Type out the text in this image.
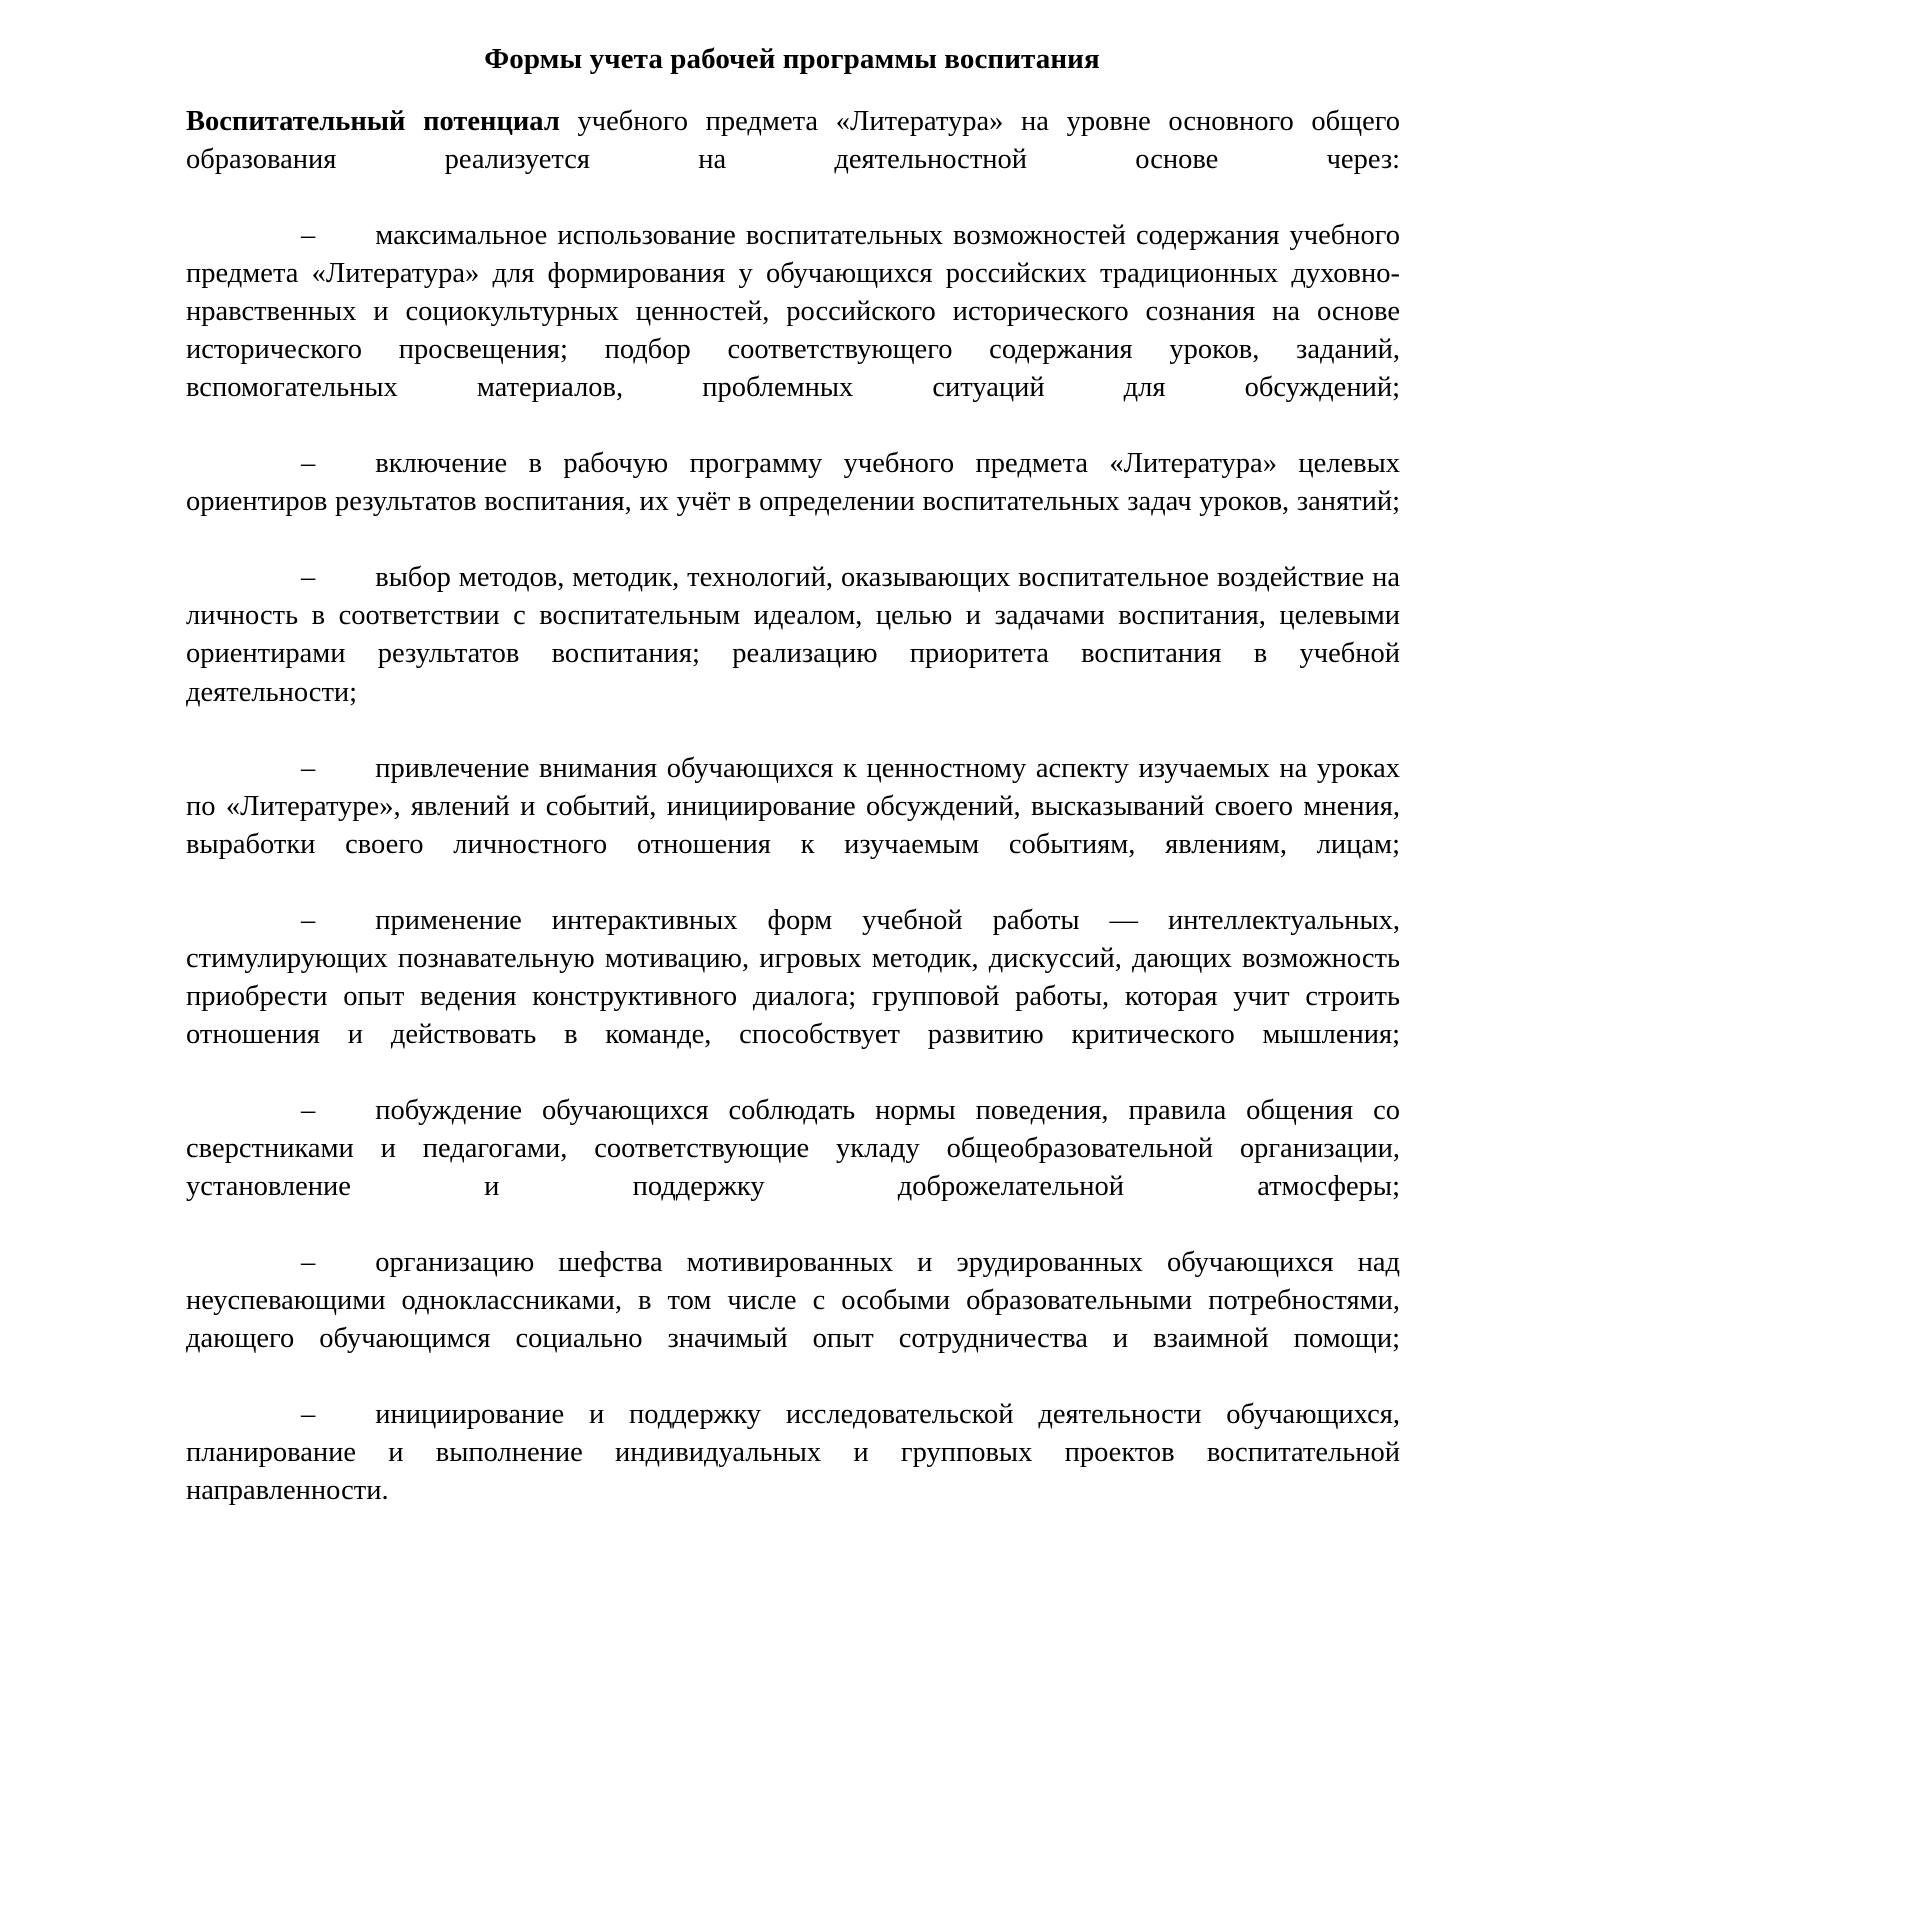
Формы учета рабочей программы воспитания

Воспитательный потенциал учебного предмета «Литература» на уровне основного общего образования реализуется на деятельностной основе через:

– максимальное использование воспитательных возможностей содержания учебного предмета «Литература» для формирования у обучающихся российских традиционных духовно-нравственных и социокультурных ценностей, российского исторического сознания на основе исторического просвещения; подбор соответствующего содержания уроков, заданий, вспомогательных материалов, проблемных ситуаций для обсуждений;

– включение в рабочую программу учебного предмета «Литература» целевых ориентиров результатов воспитания, их учёт в определении воспитательных задач уроков, занятий;

– выбор методов, методик, технологий, оказывающих воспитательное воздействие на личность в соответствии с воспитательным идеалом, целью и задачами воспитания, целевыми ориентирами результатов воспитания; реализацию приоритета воспитания в учебной деятельности;

– привлечение внимания обучающихся к ценностному аспекту изучаемых на уроках по «Литературе», явлений и событий, инициирование обсуждений, высказываний своего мнения, выработки своего личностного отношения к изучаемым событиям, явлениям, лицам;

– применение интерактивных форм учебной работы — интеллектуальных, стимулирующих познавательную мотивацию, игровых методик, дискуссий, дающих возможность приобрести опыт ведения конструктивного диалога; групповой работы, которая учит строить отношения и действовать в команде, способствует развитию критического мышления;

– побуждение обучающихся соблюдать нормы поведения, правила общения со сверстниками и педагогами, соответствующие укладу общеобразовательной организации, установление и поддержку доброжелательной атмосферы;

– организацию шефства мотивированных и эрудированных обучающихся над неуспевающими одноклассниками, в том числе с особыми образовательными потребностями, дающего обучающимся социально значимый опыт сотрудничества и взаимной помощи;

– инициирование и поддержку исследовательской деятельности обучающихся, планирование и выполнение индивидуальных и групповых проектов воспитательной направленности.
